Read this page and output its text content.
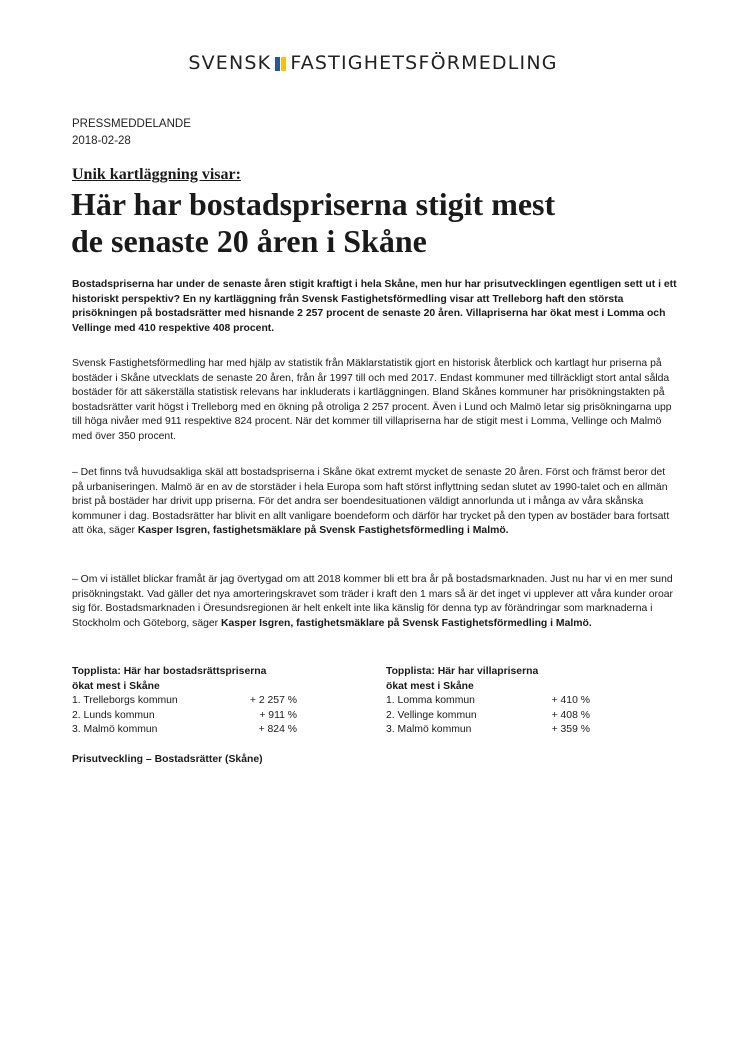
SVENSK FASTIGHETSFÖRMEDLING
PRESSMEDDELANDE
2018-02-28
Unik kartläggning visar:
Här har bostadspriserna stigit mest
de senaste 20 åren i Skåne

Bostadspriserna har under de senaste åren stigit kraftigt i hela Skåne, men hur har prisutvecklingen egentligen sett ut i ett historiskt perspektiv? En ny kartläggning från Svensk Fastighetsförmedling visar att Trelleborg haft den största prisökningen på bostadsrätter med hisnande 2 257 procent de senaste 20 åren. Villapriserna har ökat mest i Lomma och Vellinge med 410 respektive 408 procent.

Svensk Fastighetsförmedling har med hjälp av statistik från Mäklarstatistik gjort en historisk återblick och kartlagt hur priserna på bostäder i Skåne utvecklats de senaste 20 åren, från år 1997 till och med 2017. Endast kommuner med tillräckligt stort antal sålda bostäder för att säkerställa statistisk relevans har inkluderats i kartläggningen. Bland Skånes kommuner har prisökningstakten på bostadsrätter varit högst i Trelleborg med en ökning på otroliga 2 257 procent. Även i Lund och Malmö letar sig prisökningarna upp till höga nivåer med 911 respektive 824 procent. När det kommer till villapriserna har de stigit mest i Lomma, Vellinge och Malmö med över 350 procent.

– Det finns två huvudsakliga skäl att bostadspriserna i Skåne ökat extremt mycket de senaste 20 åren. Först och främst beror det på urbaniseringen. Malmö är en av de storstäder i hela Europa som haft störst inflyttning sedan slutet av 1990-talet och en allmän brist på bostäder har drivit upp priserna. För det andra ser boendesituationen väldigt annorlunda ut i många av våra skånska kommuner i dag. Bostadsrätter har blivit en allt vanligare boendeform och därför har trycket på den typen av bostäder bara fortsatt att öka, säger Kasper Isgren, fastighetsmäklare på Svensk Fastighetsförmedling i Malmö.

– Om vi istället blickar framåt är jag övertygad om att 2018 kommer bli ett bra år på bostadsmarknaden. Just nu har vi en mer sund prisökningstakt. Vad gäller det nya amorteringskravet som träder i kraft den 1 mars så är det inget vi upplever att våra kunder oroar sig för. Bostadsmarknaden i Öresundsregionen är helt enkelt inte lika känslig för denna typ av förändringar som marknaderna i Stockholm och Göteborg, säger Kasper Isgren, fastighetsmäklare på Svensk Fastighetsförmedling i Malmö.

Topplista: Här har bostadsrättspriserna
ökat mest i Skåne
1. Trelleborgs kommun	+ 2 257 %
2. Lunds kommun	+ 911 %
3. Malmö kommun	+ 824 %
Topplista: Här har villapriserna
ökat mest i Skåne
1. Lomma kommun	+ 410 %
2. Vellinge kommun	+ 408 %
3. Malmö kommun	+ 359 %
Prisutveckling – Bostadsrätter (Skåne)
